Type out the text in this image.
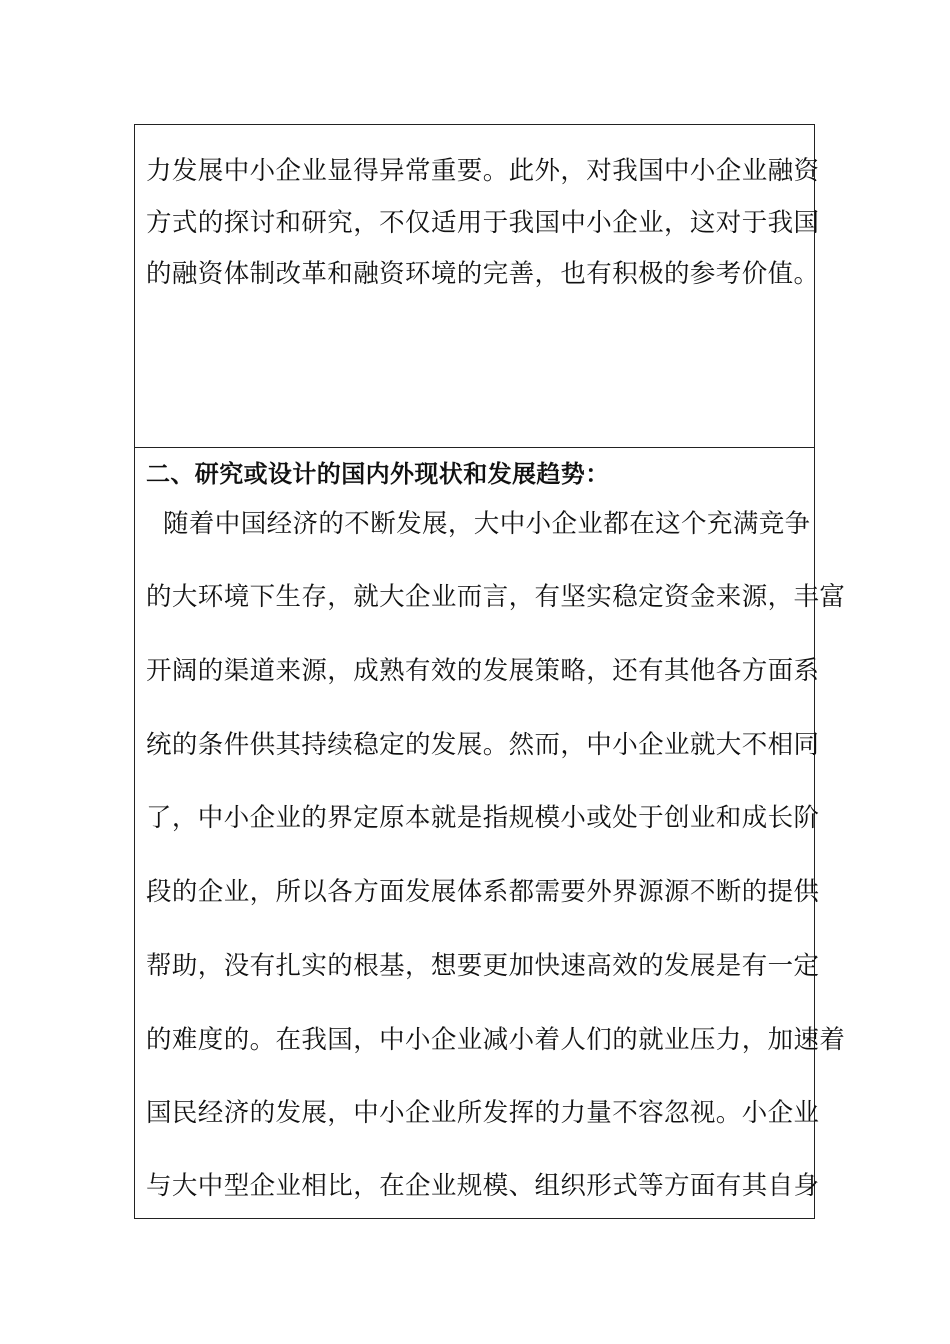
力发展中小企业显得异常重要。此外，对我国中小企业融资
方式的探讨和研究，不仅适用于我国中小企业，这对于我国
的融资体制改革和融资环境的完善，也有积极的参考价值。
二、研究或设计的国内外现状和发展趋势：
随着中国经济的不断发展，大中小企业都在这个充满竞争
的大环境下生存，就大企业而言，有坚实稳定资金来源，丰富
开阔的渠道来源，成熟有效的发展策略，还有其他各方面系
统的条件供其持续稳定的发展。然而，中小企业就大不相同
了，中小企业的界定原本就是指规模小或处于创业和成长阶
段的企业，所以各方面发展体系都需要外界源源不断的提供
帮助，没有扎实的根基，想要更加快速高效的发展是有一定
的难度的。在我国，中小企业减小着人们的就业压力，加速着
国民经济的发展，中小企业所发挥的力量不容忽视。小企业
与大中型企业相比，在企业规模、组织形式等方面有其自身
